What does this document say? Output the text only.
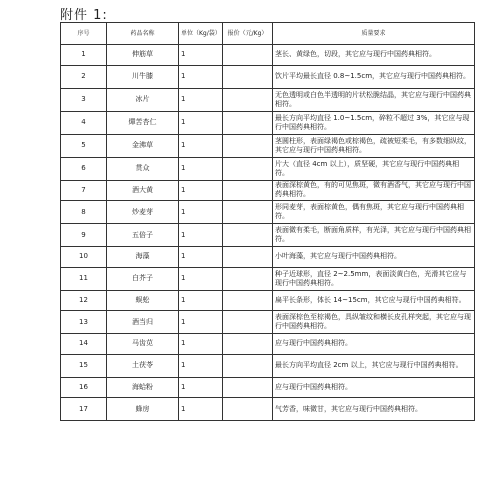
附件 1:
序号	药品名称	单位（Kg/袋）	报价（元/Kg）	质量要求
1	伸筋草	1		茎长、黄绿色，切段，其它应与现行中国药典相符。
2	川牛膝	1		饮片平均最长直径 0.8~1.5cm，其它应与现行中国药典相符。
3	冰片	1		无色透明或白色半透明的片状松脆结晶，其它应与现行中国药典相符。
4	燀苦杏仁	1		最长方向平均直径 1.0~1.5cm，碎粒不超过 3%，其它应与现行中国药典相符。
5	金沸草	1		茎圆柱形，表面绿褐色或棕褐色，疏被短柔毛，有多数细纵纹，其它应与现行中国药典相符。
6	贯众	1		片大（直径 4cm 以上），质坚硬，其它应与现行中国药典相符。
7	酒大黄	1		表面深棕黄色，有的可见焦斑，微有酒香气，其它应与现行中国药典相符。
8	炒麦芽	1		形同麦芽，表面棕黄色，偶有焦斑，其它应与现行中国药典相符。
9	五倍子	1		表面微有柔毛，断面角质样，有光泽，其它应与现行中国药典相符。
10	海藻	1		小叶海藻，其它应与现行中国药典相符。
11	白芥子	1		种子近球形，直径 2~2.5mm，表面淡黄白色，光滑其它应与现行中国药典相符。
12	蜈蚣	1		扁平长条形，体长 14~15cm，其它应与现行中国药典相符。
13	酒当归	1		表面深棕色至棕褐色，具纵皱纹和横长皮孔样突起，其它应与现行中国药典相符。
14	马齿苋	1		应与现行中国药典相符。
15	土茯苓	1		最长方向平均直径 2cm 以上，其它应与现行中国药典相符。
16	海蛤粉	1		应与现行中国药典相符。
17	蜂房	1		气芳香，味微甘，其它应与现行中国药典相符。
